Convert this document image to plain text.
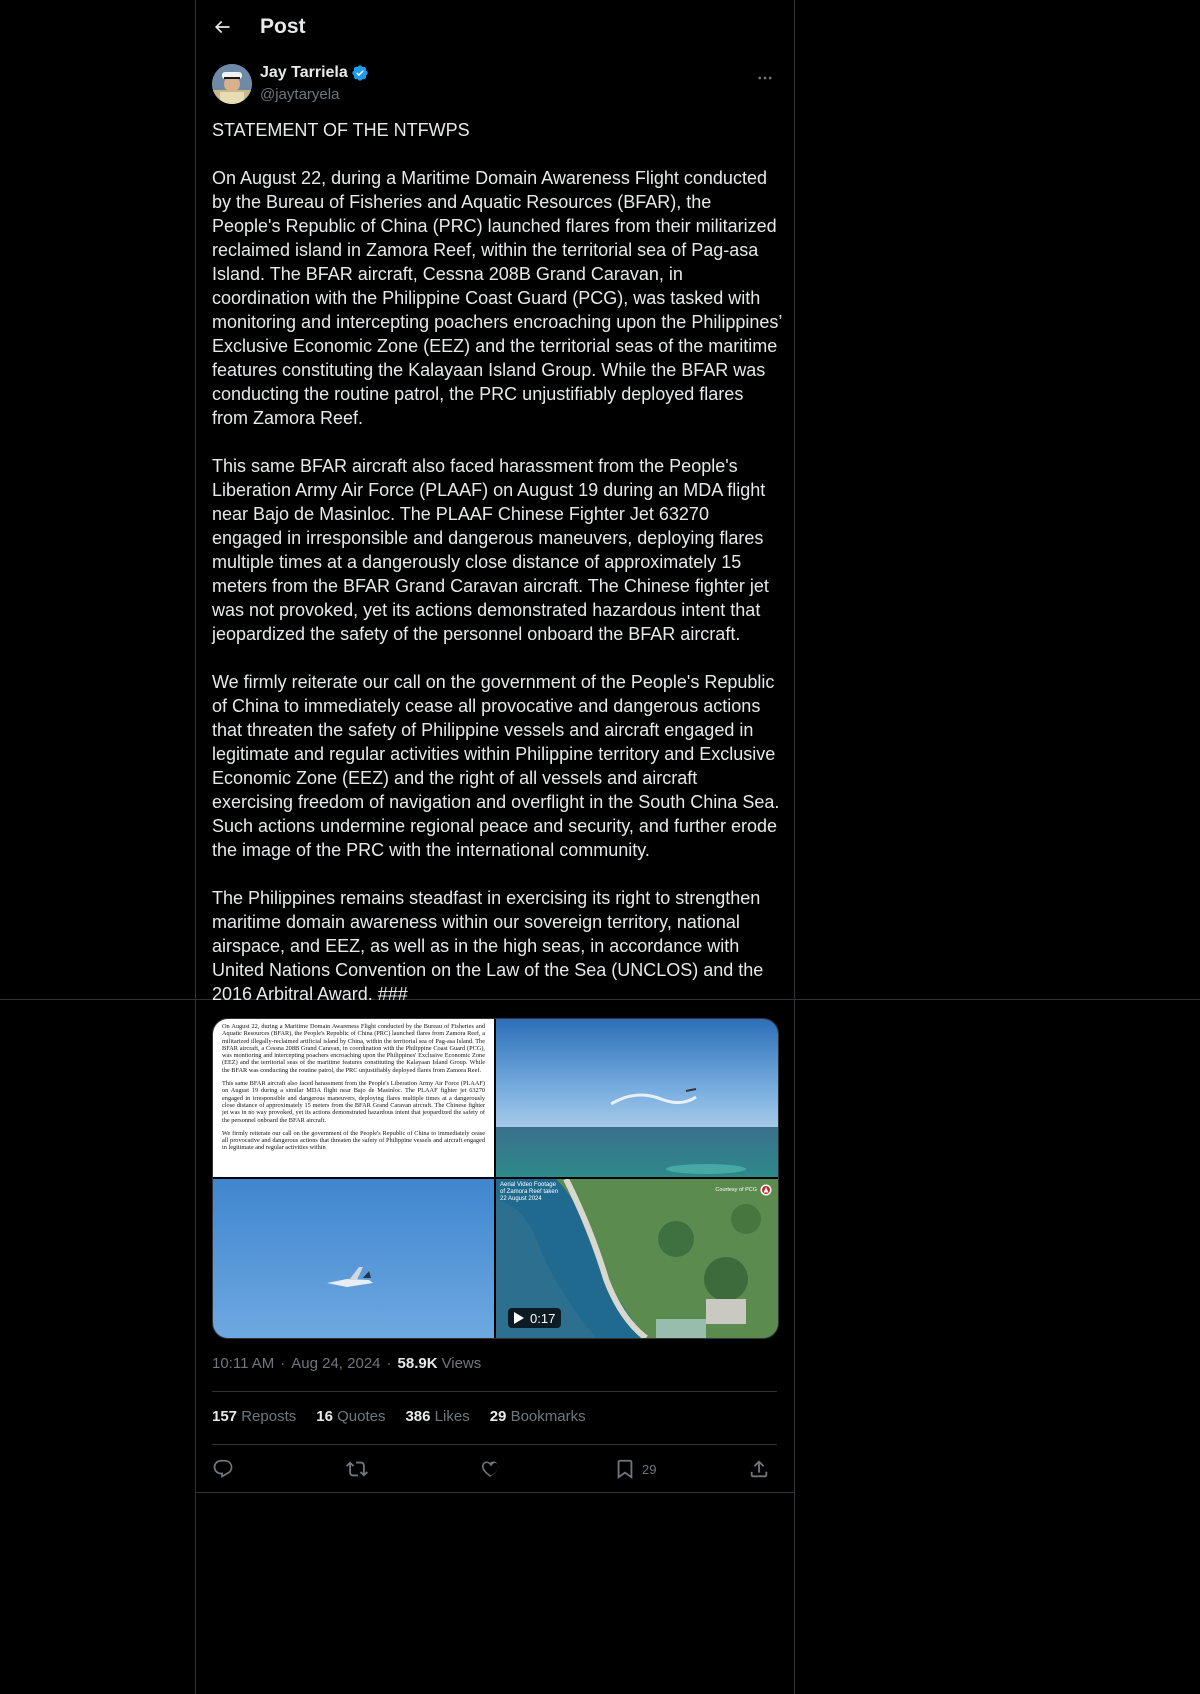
Post
Jay Tarriela
@jaytaryela
STATEMENT OF THE NTFWPS

On August 22, during a Maritime Domain Awareness Flight conducted by the Bureau of Fisheries and Aquatic Resources (BFAR), the People's Republic of China (PRC) launched flares from their militarized reclaimed island in Zamora Reef, within the territorial sea of Pag-asa Island. The BFAR aircraft, Cessna 208B Grand Caravan, in coordination with the Philippine Coast Guard (PCG), was tasked with monitoring and intercepting poachers encroaching upon the Philippines’ Exclusive Economic Zone (EEZ) and the territorial seas of the maritime features constituting the Kalayaan Island Group. While the BFAR was conducting the routine patrol, the PRC unjustifiably deployed flares from Zamora Reef.

This same BFAR aircraft also faced harassment from the People's Liberation Army Air Force (PLAAF) on August 19 during an MDA flight near Bajo de Masinloc. The PLAAF Chinese Fighter Jet 63270 engaged in irresponsible and dangerous maneuvers, deploying flares multiple times at a dangerously close distance of approximately 15 meters from the BFAR Grand Caravan aircraft. The Chinese fighter jet was not provoked, yet its actions demonstrated hazardous intent that jeopardized the safety of the personnel onboard the BFAR aircraft.

We firmly reiterate our call on the government of the People's Republic of China to immediately cease all provocative and dangerous actions that threaten the safety of Philippine vessels and aircraft engaged in legitimate and regular activities within Philippine territory and Exclusive Economic Zone (EEZ) and the right of all vessels and aircraft exercising freedom of navigation and overflight in the South China Sea. Such actions undermine regional peace and security, and further erode the image of the PRC with the international community.

The Philippines remains steadfast in exercising its right to strengthen maritime domain awareness within our sovereign territory, national airspace, and EEZ, as well as in the high seas, in accordance with United Nations Convention on the Law of the Sea (UNCLOS) and the 2016 Arbitral Award. ###

On August 22, during a Maritime Domain Awareness Flight conducted by the Bureau of Fisheries and Aquatic Resources (BFAR), the People's Republic of China (PRC) launched flares from Zamora Reef, a militarized illegally-reclaimed artificial island by China, within the territorial sea of Pag-asa Island. The BFAR aircraft, a Cessna 208B Grand Caravan, in coordination with the Philippine Coast Guard (PCG), was monitoring and intercepting poachers encroaching upon the Philippines' Exclusive Economic Zone (EEZ) and the territorial seas of the maritime features constituting the Kalayaan Island Group. While the BFAR was conducting the routine patrol, the PRC unjustifiably deployed flares from Zamora Reef.

This same BFAR aircraft also faced harassment from the People's Liberation Army Air Force (PLAAF) on August 19 during a similar MDA flight near Bajo de Masinloc. The PLAAF fighter jet 63270 engaged in irresponsible and dangerous maneuvers, deploying flares multiple times at a dangerously close distance of approximately 15 meters from the BFAR Grand Caravan aircraft. The Chinese fighter jet was in no way provoked, yet its actions demonstrated hazardous intent that jeopardized the safety of the personnel onboard the BFAR aircraft.

We firmly reiterate our call on the government of the People's Republic of China to immediately cease all provocative and dangerous actions that threaten the safety of Philippine vessels and aircraft engaged in legitimate and regular activities within

Aerial Video Footage
of Zamora Reef taken
22 August 2024
Courtesy of PCG
0:17
10:11 AM · Aug 24, 2024 · 58.9K Views
157 Reposts 16 Quotes 386 Likes 29 Bookmarks
29
